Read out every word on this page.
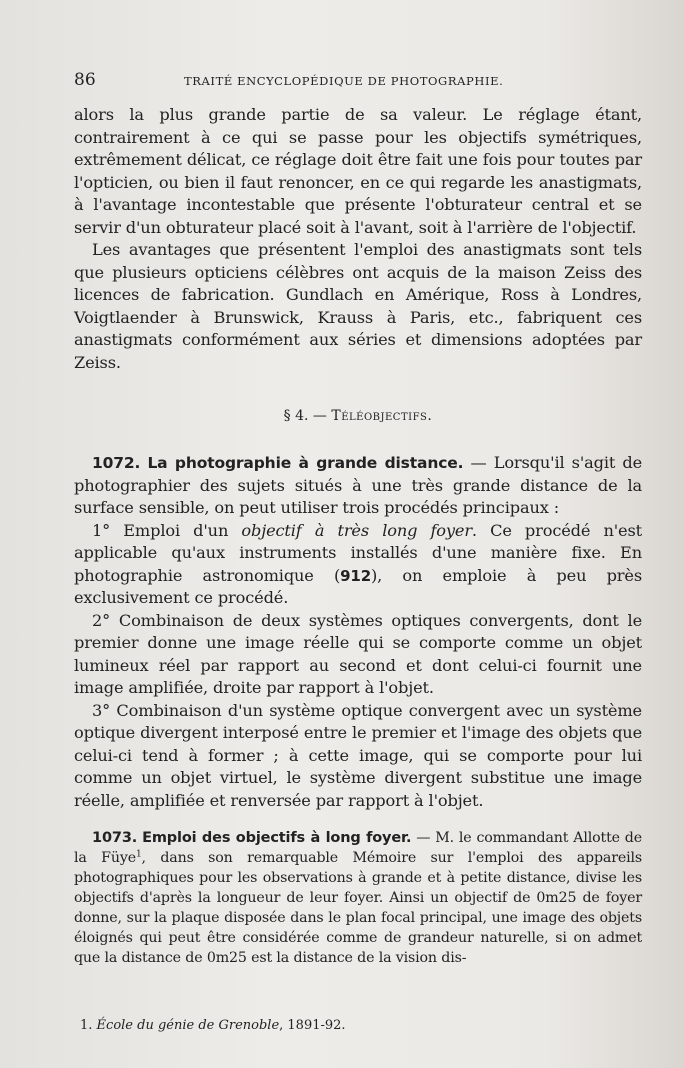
86	TRAITÉ ENCYCLOPÉDIQUE DE PHOTOGRAPHIE.

alors la plus grande partie de sa valeur. Le réglage étant, contrairement à ce qui se passe pour les objectifs symétriques, extrêmement délicat, ce réglage doit être fait une fois pour toutes par l'opticien, ou bien il faut renoncer, en ce qui regarde les anastigmats, à l'avantage incontestable que présente l'obturateur central et se servir d'un obturateur placé soit à l'avant, soit à l'arrière de l'objectif.

Les avantages que présentent l'emploi des anastigmats sont tels que plusieurs opticiens célèbres ont acquis de la maison Zeiss des licences de fabrication. Gundlach en Amérique, Ross à Londres, Voigtlaender à Brunswick, Krauss à Paris, etc., fabriquent ces anastigmats conformément aux séries et dimensions adoptées par Zeiss.

§ 4. — Téléobjectifs.

1072. La photographie à grande distance. — Lorsqu'il s'agit de photographier des sujets situés à une très grande distance de la surface sensible, on peut utiliser trois procédés principaux :

1° Emploi d'un objectif à très long foyer. Ce procédé n'est applicable qu'aux instruments installés d'une manière fixe. En photographie astronomique (912), on emploie à peu près exclusivement ce procédé.

2° Combinaison de deux systèmes optiques convergents, dont le premier donne une image réelle qui se comporte comme un objet lumineux réel par rapport au second et dont celui-ci fournit une image amplifiée, droite par rapport à l'objet.

3° Combinaison d'un système optique convergent avec un système optique divergent interposé entre le premier et l'image des objets que celui-ci tend à former ; à cette image, qui se comporte pour lui comme un objet virtuel, le système divergent substitue une image réelle, amplifiée et renversée par rapport à l'objet.

1073. Emploi des objectifs à long foyer. — M. le commandant Allotte de la Füye$^1$, dans son remarquable Mémoire sur l'emploi des appareils photographiques pour les observations à grande et à petite distance, divise les objectifs d'après la longueur de leur foyer. Ainsi un objectif de 0m25 de foyer donne, sur la plaque disposée dans le plan focal principal, une image des objets éloignés qui peut être considérée comme de grandeur naturelle, si on admet que la distance de 0m25 est la distance de la vision dis-

1. École du génie de Grenoble, 1891-92.
